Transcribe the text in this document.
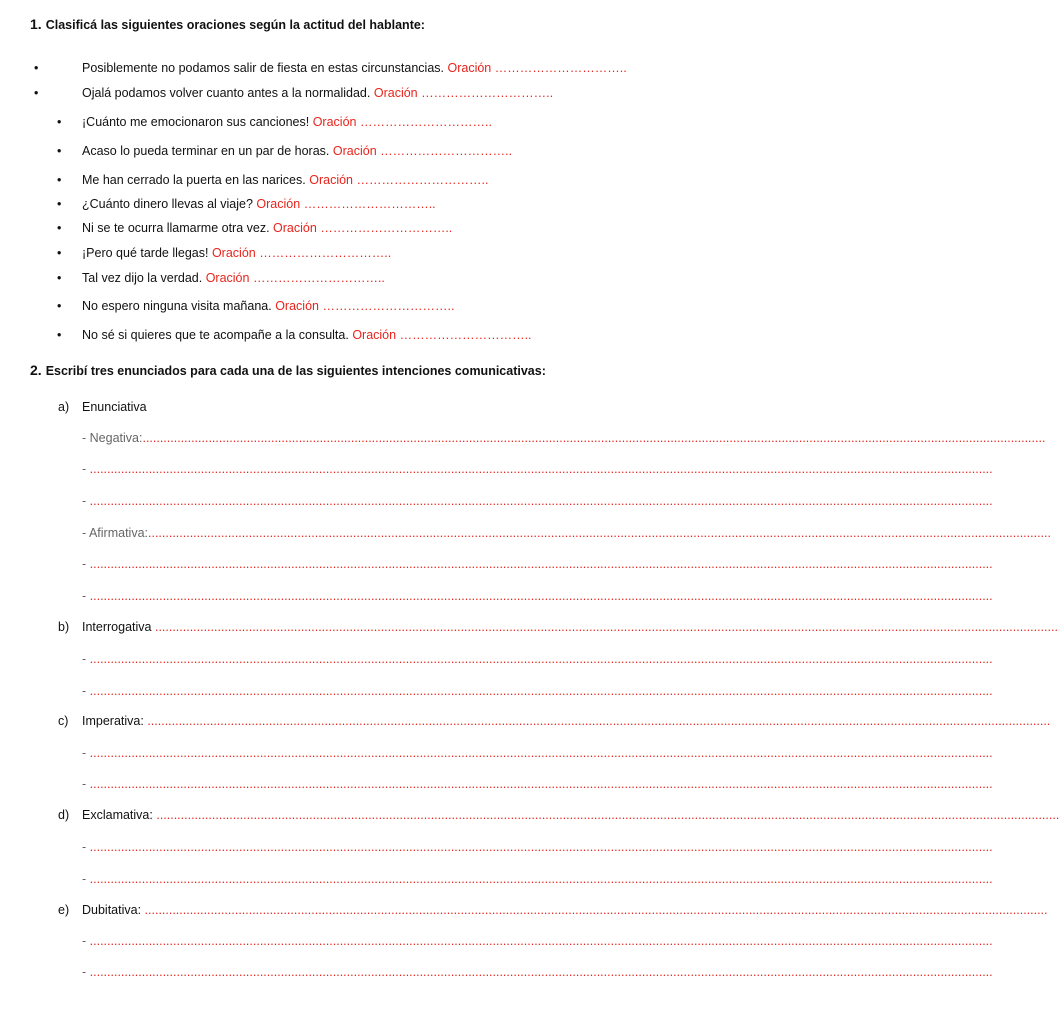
1. Clasificá las siguientes oraciones según la actitud del hablante:
•	Posiblemente no podamos salir de fiesta en estas circunstancias. Oración …………………………..
•	Ojalá podamos volver cuanto antes a la normalidad. Oración …………………………..
• ¡Cuánto me emocionaron sus canciones! Oración …………………………..
• Acaso lo pueda terminar en un par de horas. Oración …………………………..
• Me han cerrado la puerta en las narices. Oración …………………………..
• ¿Cuánto dinero llevas al viaje? Oración …………………………..
• Ni se te ocurra llamarme otra vez. Oración …………………………..
• ¡Pero qué tarde llegas! Oración …………………………..
• Tal vez dijo la verdad. Oración …………………………..
• No espero ninguna visita mañana. Oración …………………………..
• No sé si quieres que te acompañe a la consulta. Oración …………………………..
2. Escribí tres enunciados para cada una de las siguientes intenciones comunicativas:
a) Enunciativa
- Negativa:....................................................................................................................................................................................................................................................................
- ....................................................................................................................................................................................................................................................................
- ....................................................................................................................................................................................................................................................................
- Afirmativa:....................................................................................................................................................................................................................................................................
- ....................................................................................................................................................................................................................................................................
- ....................................................................................................................................................................................................................................................................
b) Interrogativa ....................................................................................................................................................................................................................................................................
- ....................................................................................................................................................................................................................................................................
- ....................................................................................................................................................................................................................................................................
c) Imperativa: ....................................................................................................................................................................................................................................................................
- ....................................................................................................................................................................................................................................................................
- ....................................................................................................................................................................................................................................................................
d) Exclamativa: ....................................................................................................................................................................................................................................................................
- ....................................................................................................................................................................................................................................................................
- ....................................................................................................................................................................................................................................................................
e) Dubitativa: ....................................................................................................................................................................................................................................................................
- ....................................................................................................................................................................................................................................................................
- ....................................................................................................................................................................................................................................................................
